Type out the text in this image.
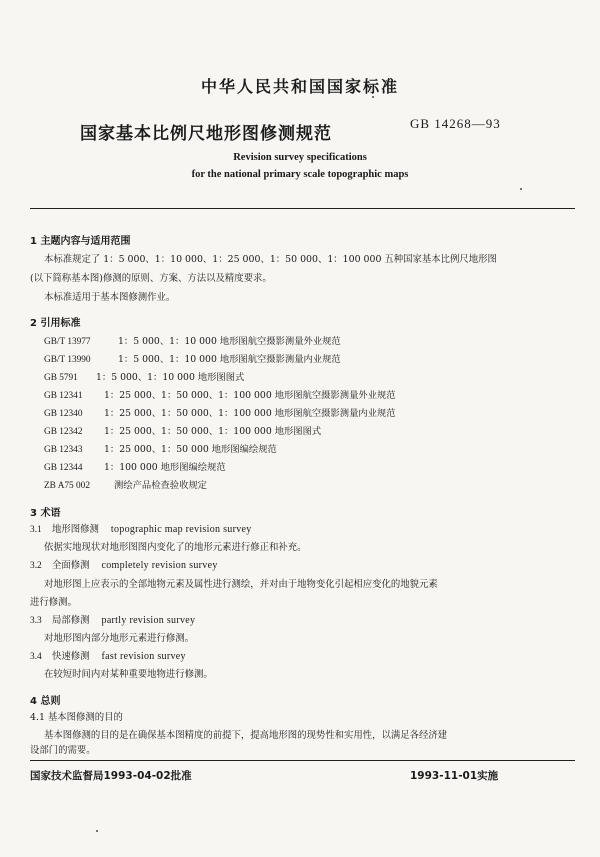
中华人民共和国国家标准
国家基本比例尺地形图修测规范
GB 14268—93
Revision survey specifications
for the national primary scale topographic maps
1 主题内容与适用范围
本标准规定了 1：5 000、1：10 000、1：25 000、1：50 000、1：100 000 五种国家基本比例尺地形图
(以下简称基本图)修测的原则、方案、方法以及精度要求。
本标准适用于基本图修测作业。
2 引用标准
GB/T 13977	1：5 000、1：10 000 地形图航空摄影测量外业规范
GB/T 13990	1：5 000、1：10 000 地形图航空摄影测量内业规范
GB 5791 1：5 000、1：10 000 地形图图式
GB 12341 1：25 000、1：50 000、1：100 000 地形图航空摄影测量外业规范
GB 12340 1：25 000、1：50 000、1：100 000 地形图航空摄影测量内业规范
GB 12342 1：25 000、1：50 000、1：100 000 地形图图式
GB 12343 1：25 000、1：50 000 地形图编绘规范
GB 12344 1：100 000 地形图编绘规范
ZB A75 002	测绘产品检查验收规定
3 术语
3.1 地形图修测 topographic map revision survey
依据实地现状对地形图图内变化了的地形元素进行修正和补充。
3.2 全面修测 completely revision survey
对地形图上应表示的全部地物元素及属性进行测绘，并对由于地物变化引起相应变化的地貌元素
进行修测。
3.3 局部修测 partly revision survey
对地形图内部分地形元素进行修测。
3.4 快速修测 fast revision survey
在较短时间内对某种重要地物进行修测。
4 总则
4.1 基本图修测的目的
基本图修测的目的是在确保基本图精度的前提下，提高地形图的现势性和实用性，以满足各经济建
设部门的需要。
国家技术监督局1993-04-02批准	1993-11-01实施
